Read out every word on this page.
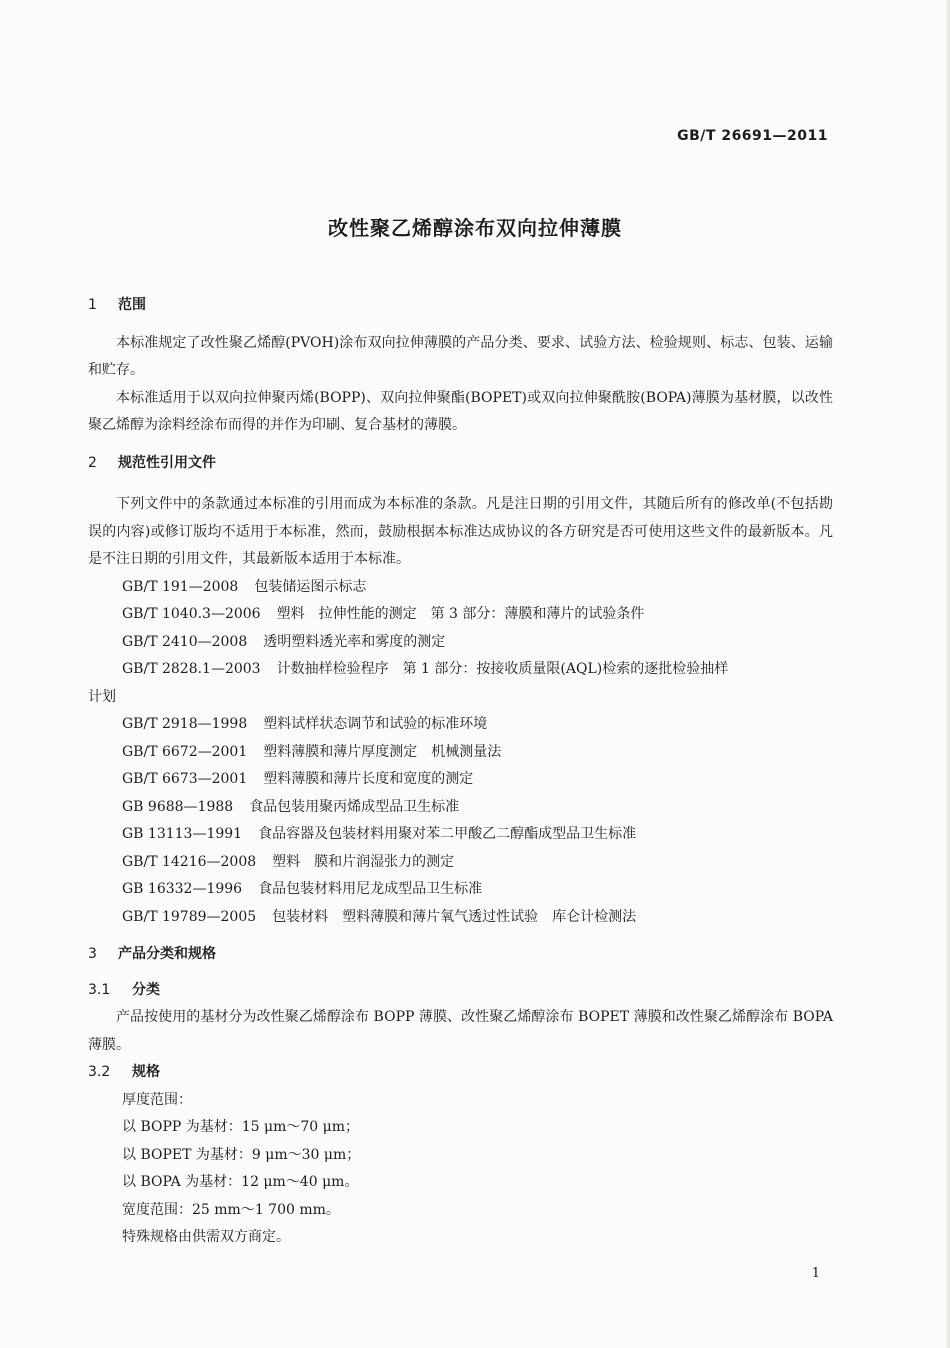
GB/T 26691—2011
改性聚乙烯醇涂布双向拉伸薄膜
1 范围
本标准规定了改性聚乙烯醇(PVOH)涂布双向拉伸薄膜的产品分类、要求、试验方法、检验规则、标志、包装、运输和贮存。
本标准适用于以双向拉伸聚丙烯(BOPP)、双向拉伸聚酯(BOPET)或双向拉伸聚酰胺(BOPA)薄膜为基材膜，以改性聚乙烯醇为涂料经涂布而得的并作为印刷、复合基材的薄膜。
2 规范性引用文件
下列文件中的条款通过本标准的引用而成为本标准的条款。凡是注日期的引用文件，其随后所有的修改单(不包括勘误的内容)或修订版均不适用于本标准，然而，鼓励根据本标准达成协议的各方研究是否可使用这些文件的最新版本。凡是不注日期的引用文件，其最新版本适用于本标准。
GB/T 191—2008 包装储运图示标志
GB/T 1040.3—2006 塑料　拉伸性能的测定　第 3 部分：薄膜和薄片的试验条件
GB/T 2410—2008 透明塑料透光率和雾度的测定
GB/T 2828.1—2003 计数抽样检验程序　第 1 部分：按接收质量限(AQL)检索的逐批检验抽样
计划
GB/T 2918—1998 塑料试样状态调节和试验的标准环境
GB/T 6672—2001 塑料薄膜和薄片厚度测定　机械测量法
GB/T 6673—2001 塑料薄膜和薄片长度和宽度的测定
GB 9688—1988 食品包装用聚丙烯成型品卫生标准
GB 13113—1991 食品容器及包装材料用聚对苯二甲酸乙二醇酯成型品卫生标准
GB/T 14216—2008 塑料　膜和片润湿张力的测定
GB 16332—1996 食品包装材料用尼龙成型品卫生标准
GB/T 19789—2005 包装材料　塑料薄膜和薄片氧气透过性试验　库仑计检测法
3 产品分类和规格
3.1 分类
产品按使用的基材分为改性聚乙烯醇涂布 BOPP 薄膜、改性聚乙烯醇涂布 BOPET 薄膜和改性聚乙烯醇涂布 BOPA 薄膜。
3.2 规格
厚度范围：
以 BOPP 为基材：15 μm～70 μm；
以 BOPET 为基材：9 μm～30 μm；
以 BOPA 为基材：12 μm～40 μm。
宽度范围：25 mm～1 700 mm。
特殊规格由供需双方商定。
1
